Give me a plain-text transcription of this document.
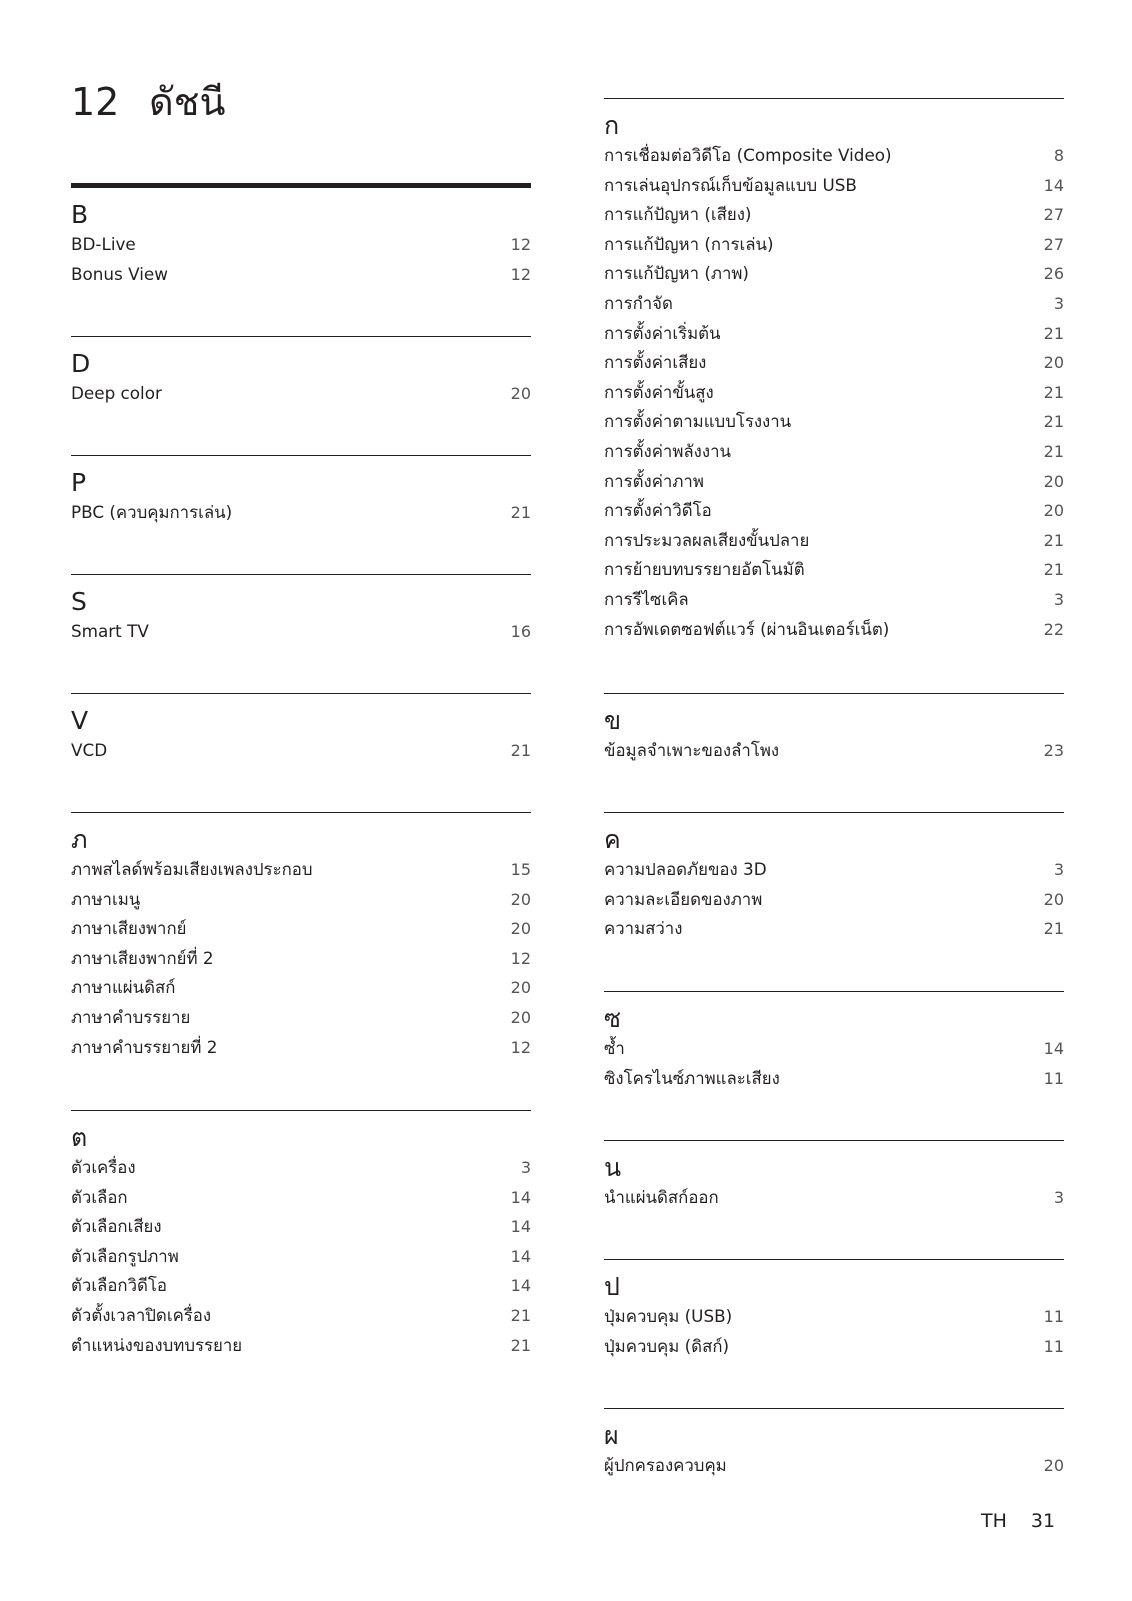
12 ดัชนี
B
BD-Live	12
Bonus View	12
D
Deep color	20
P
PBC (ควบคุมการเล่น)	21
S
Smart TV	16
V
VCD	21
ภ
ภาพสไลด์พร้อมเสียงเพลงประกอบ	15
ภาษาเมนู	20
ภาษาเสียงพากย์	20
ภาษาเสียงพากย์ที่ 2	12
ภาษาแผ่นดิสก์	20
ภาษาคำบรรยาย	20
ภาษาคำบรรยายที่ 2	12
ต
ตัวเครื่อง	3
ตัวเลือก	14
ตัวเลือกเสียง	14
ตัวเลือกรูปภาพ	14
ตัวเลือกวิดีโอ	14
ตัวตั้งเวลาปิดเครื่อง	21
ตำแหน่งของบทบรรยาย	21
ก
การเชื่อมต่อวิดีโอ (Composite Video)	8
การเล่นอุปกรณ์เก็บข้อมูลแบบ USB	14
การแก้ปัญหา (เสียง)	27
การแก้ปัญหา (การเล่น)	27
การแก้ปัญหา (ภาพ)	26
การกำจัด	3
การตั้งค่าเริ่มต้น	21
การตั้งค่าเสียง	20
การตั้งค่าขั้นสูง	21
การตั้งค่าตามแบบโรงงาน	21
การตั้งค่าพลังงาน	21
การตั้งค่าภาพ	20
การตั้งค่าวิดีโอ	20
การประมวลผลเสียงขั้นปลาย	21
การย้ายบทบรรยายอัตโนมัติ	21
การรีไซเคิล	3
การอัพเดตซอฟต์แวร์ (ผ่านอินเตอร์เน็ต)	22
ข
ข้อมูลจำเพาะของลำโพง	23
ค
ความปลอดภัยของ 3D	3
ความละเอียดของภาพ	20
ความสว่าง	21
ซ
ซ้ำ	14
ซิงโครไนซ์ภาพและเสียง	11
น
นำแผ่นดิสก์ออก	3
ป
ปุ่มควบคุม (USB)	11
ปุ่มควบคุม (ดิสก์)	11
ผ
ผู้ปกครองควบคุม	20
TH 31
